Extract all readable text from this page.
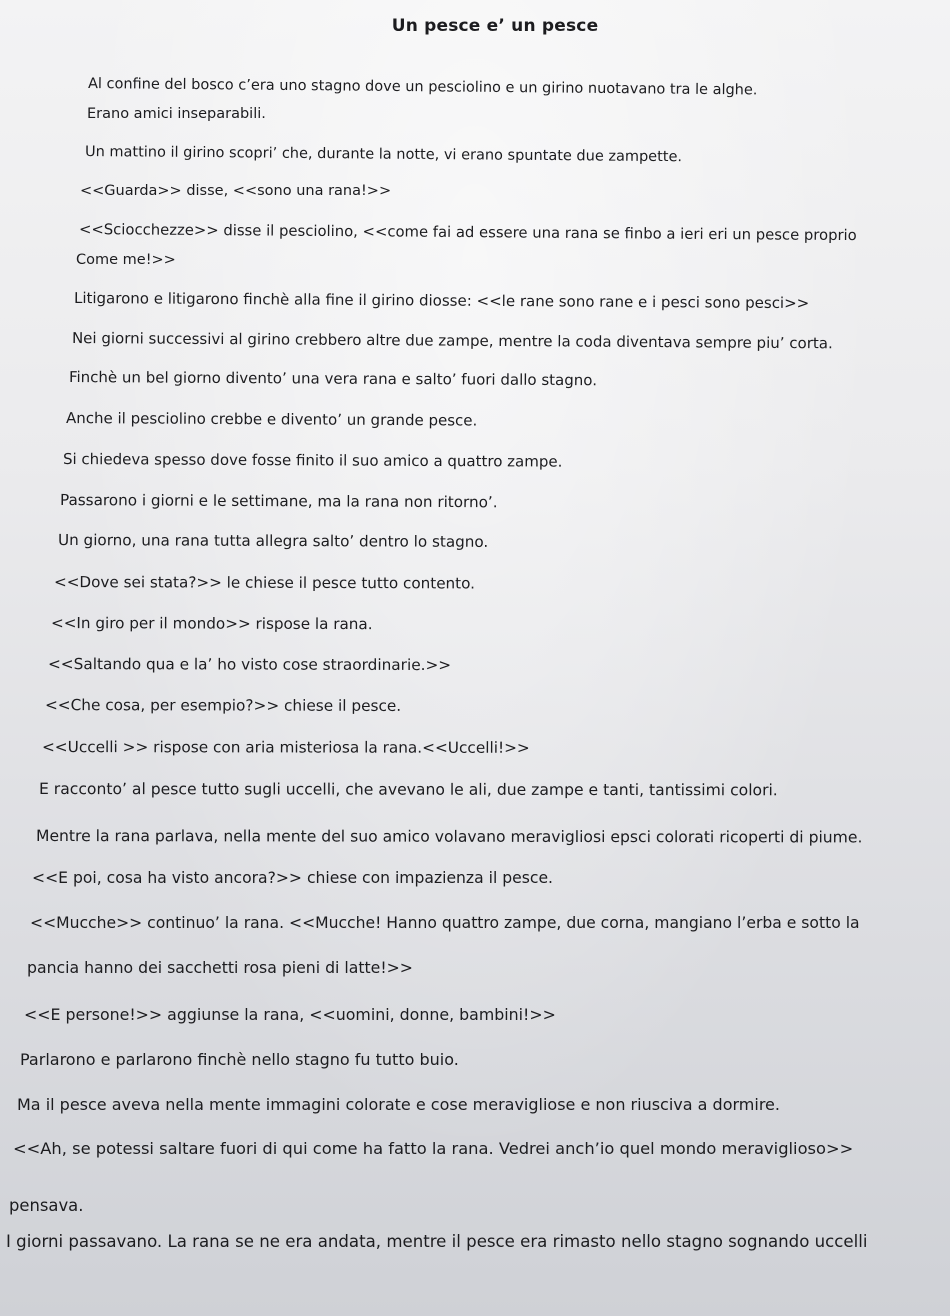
Un pesce e’ un pesce
Al confine del bosco c’era uno stagno dove un pesciolino e un girino nuotavano tra le alghe.
Erano amici inseparabili.
Un mattino il girino scopri’ che, durante la notte, vi erano spuntate due zampette.
<<Guarda>> disse, <<sono una rana!>>
<<Sciocchezze>> disse il pesciolino, <<come fai ad essere una rana se finbo a ieri eri un pesce proprio
Come me!>>
Litigarono e litigarono finchè alla fine il girino diosse: <<le rane sono rane e i pesci sono pesci>>
Nei giorni successivi al girino crebbero altre due zampe, mentre la coda diventava sempre piu’ corta.
Finchè un bel giorno divento’ una vera rana e salto’ fuori dallo stagno.
Anche il pesciolino crebbe e divento’ un grande pesce.
Si chiedeva spesso dove fosse finito il suo amico a quattro zampe.
Passarono i giorni e le settimane, ma la rana non ritorno’.
Un giorno, una rana tutta allegra salto’ dentro lo stagno.
<<Dove sei stata?>> le chiese il pesce tutto contento.
<<In giro per il mondo>> rispose la rana.
<<Saltando qua e la’ ho visto cose straordinarie.>>
<<Che cosa, per esempio?>> chiese il pesce.
<<Uccelli >> rispose con aria misteriosa la rana.<<Uccelli!>>
E racconto’ al pesce tutto sugli uccelli, che avevano le ali, due zampe e tanti, tantissimi colori.
Mentre la rana parlava, nella mente del suo amico volavano meravigliosi epsci colorati ricoperti di piume.
<<E poi, cosa ha visto ancora?>> chiese con impazienza il pesce.
<<Mucche>> continuo’ la rana. <<Mucche! Hanno quattro zampe, due corna, mangiano l’erba e sotto la
pancia hanno dei sacchetti rosa pieni di latte!>>
<<E persone!>> aggiunse la rana, <<uomini, donne, bambini!>>
Parlarono e parlarono finchè nello stagno fu tutto buio.
Ma il pesce aveva nella mente immagini colorate e cose meravigliose e non riusciva a dormire.
<<Ah, se potessi saltare fuori di qui come ha fatto la rana. Vedrei anch’io quel mondo meraviglioso>>
pensava.
I giorni passavano. La rana se ne era andata, mentre il pesce era rimasto nello stagno sognando uccelli
